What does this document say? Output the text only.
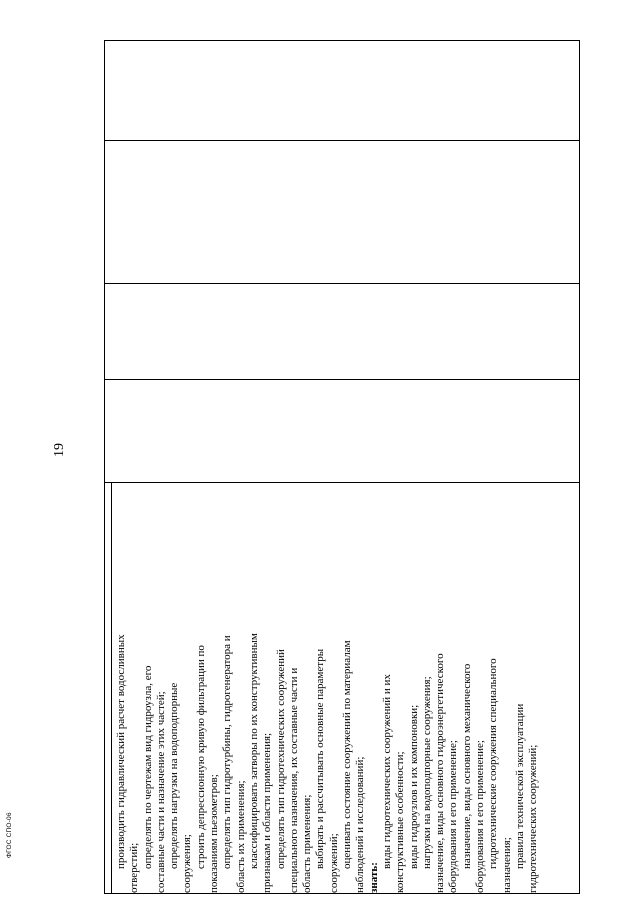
ФГОС СПО-06
19

производить гидравлический расчет водосливных отверстий; определять по чертежам вид гидроузла, его составные части и назначение этих частей; определять нагрузки на водоподпорные сооружения; строить депрессионную кривую фильтрации по показаниям пьезометров; определять тип гидротурбины, гидрогенератора и область их применения; классифицировать затворы по их конструктивным признакам и области применения; определять тип гидротехнических сооружений специального назначения, их составные части и область применения; выбирать и рассчитывать основные параметры сооружений; оценивать состояние сооружений по материалам наблюдений и исследований; знать:

виды гидротехнических сооружений и их конструктивные особенности; виды гидроузлов и их компоновки; нагрузки на водоподпорные сооружения; назначение, виды основного гидроэнергетического оборудования и его применение; назначение, виды основного механического оборудования и его применение; гидротехнические сооружения специального назначения; правила технической эксплуатации гидротехнических сооружений;
